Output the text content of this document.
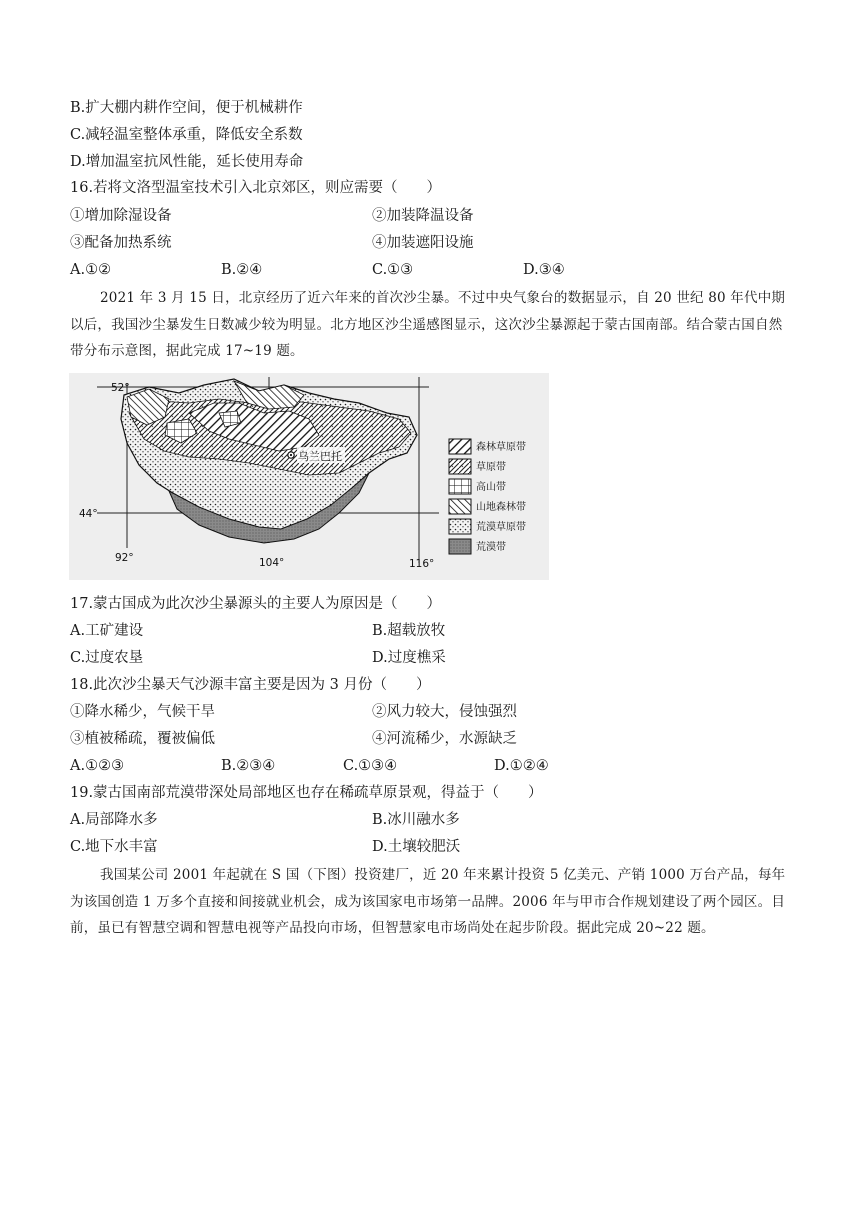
B.扩大棚内耕作空间，便于机械耕作
C.减轻温室整体承重，降低安全系数
D.增加温室抗风性能，延长使用寿命
16.若将文洛型温室技术引入北京郊区，则应需要（　　）
①增加除湿设备	②加装降温设备
③配备加热系统	④加装遮阳设施
A.①②	B.②④	C.①③	D.③④
2021 年 3 月 15 日，北京经历了近六年来的首次沙尘暴。不过中央气象台的数据显示，自 20 世纪 80 年代中期以后，我国沙尘暴发生日数减少较为明显。北方地区沙尘遥感图显示，这次沙尘暴源起于蒙古国南部。结合蒙古国自然带分布示意图，据此完成 17~19 题。
乌兰巴托
52°
44°
92°	104°	116°
森林草原带
草原带
高山带
山地森林带
荒漠草原带
荒漠带
17.蒙古国成为此次沙尘暴源头的主要人为原因是（　　）
A.工矿建设	B.超载放牧
C.过度农垦	D.过度樵采
18.此次沙尘暴天气沙源丰富主要是因为 3 月份（　　）
①降水稀少，气候干旱	②风力较大，侵蚀强烈
③植被稀疏，覆被偏低	④河流稀少，水源缺乏
A.①②③	B.②③④	C.①③④	D.①②④
19.蒙古国南部荒漠带深处局部地区也存在稀疏草原景观，得益于（　　）
A.局部降水多	B.冰川融水多
C.地下水丰富	D.土壤较肥沃
我国某公司 2001 年起就在 S 国（下图）投资建厂，近 20 年来累计投资 5 亿美元、产销 1000 万台产品，每年为该国创造 1 万多个直接和间接就业机会，成为该国家电市场第一品牌。2006 年与甲市合作规划建设了两个园区。目前，虽已有智慧空调和智慧电视等产品投向市场，但智慧家电市场尚处在起步阶段。据此完成 20~22 题。
